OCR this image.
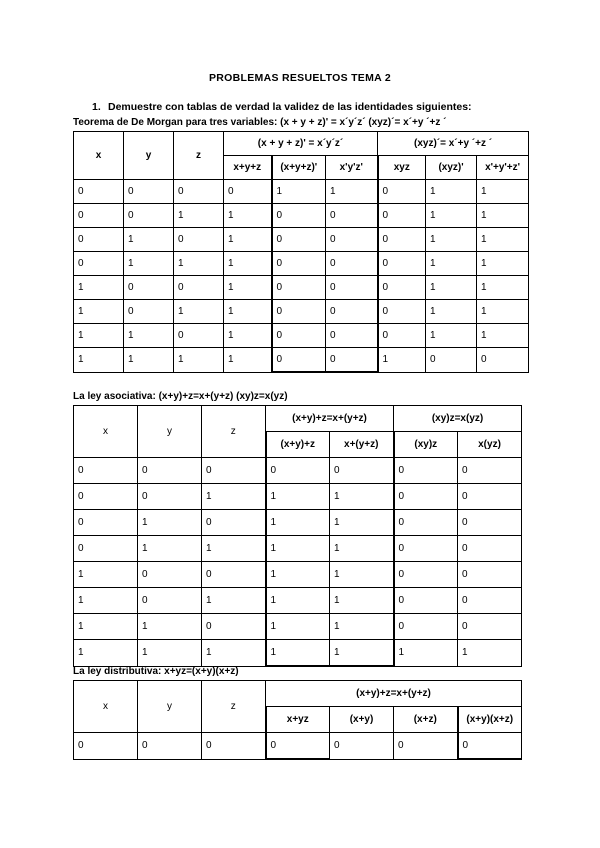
PROBLEMAS RESUELTOS TEMA 2
1. Demuestre con tablas de verdad la validez de las identidades siguientes:
Teorema de De Morgan para tres variables: (x + y + z)' = x´y´z´ (xyz)´= x´+y ´+z ´
x	y	z	(x + y + z)' = x´y´z´			(xyz)´= x´+y ´+z ´		
			x+y+z	(x+y+z)'	x'y'z'	xyz	(xyz)'	x'+y'+z'
0	0	0	0	1	1	0	1	1
0	0	1	1	0	0	0	1	1
0	1	0	1	0	0	0	1	1
0	1	1	1	0	0	0	1	1
1	0	0	1	0	0	0	1	1
1	0	1	1	0	0	0	1	1
1	1	0	1	0	0	0	1	1
1	1	1	1	0	0	1	0	0
La ley asociativa: (x+y)+z=x+(y+z) (xy)z=x(yz)
x	y	z	(x+y)+z=x+(y+z)		(xy)z=x(yz)	
			(x+y)+z	x+(y+z)	(xy)z	x(yz)
0	0	0	0	0	0	0
0	0	1	1	1	0	0
0	1	0	1	1	0	0
0	1	1	1	1	0	0
1	0	0	1	1	0	0
1	0	1	1	1	0	0
1	1	0	1	1	0	0
1	1	1	1	1	1	1
La ley distributiva: x+yz=(x+y)(x+z)
x	y	z	(x+y)+z=x+(y+z)			
			x+yz	(x+y)	(x+z)	(x+y)(x+z)
0	0	0	0	0	0	0
